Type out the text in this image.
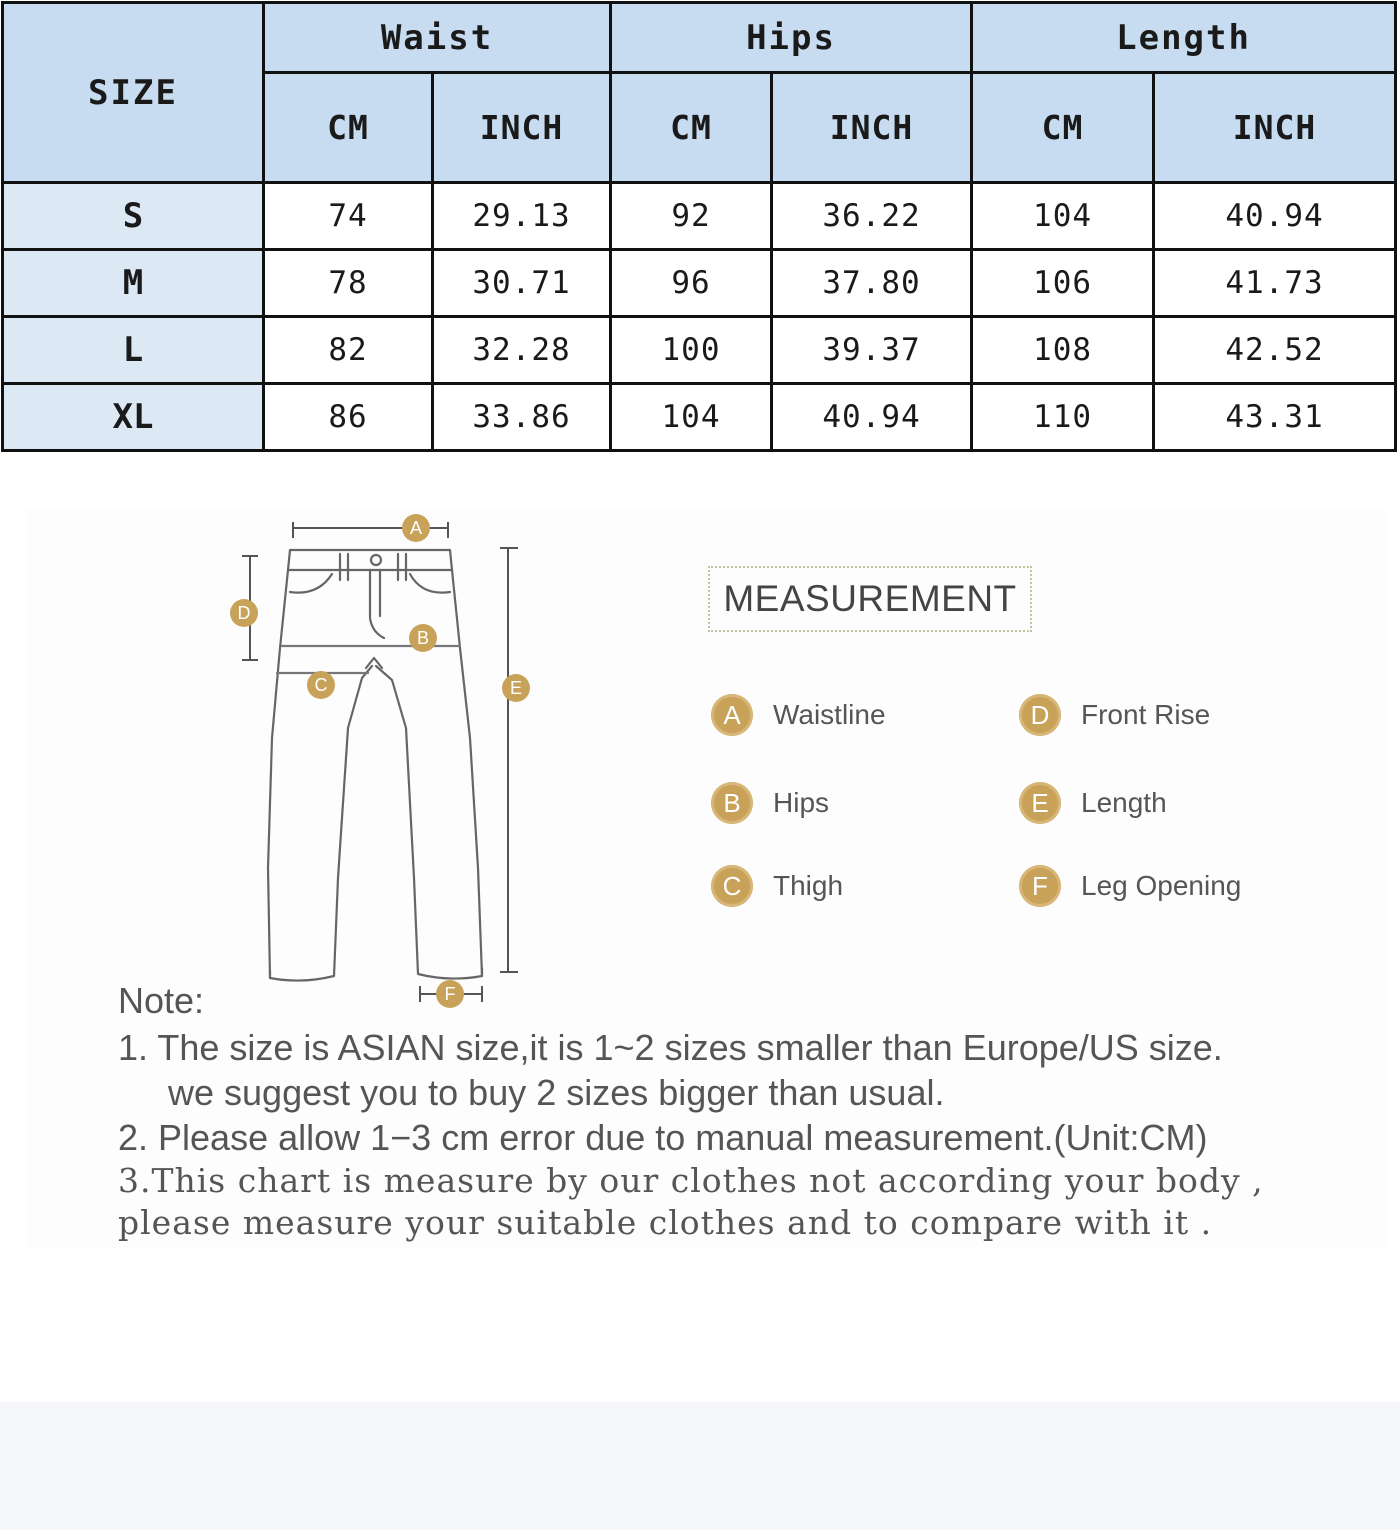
SIZE	Waist		Hips		Length	
	CM	INCH	CM	INCH	CM	INCH
S	74	29.13	92	36.22	104	40.94
M	78	30.71	96	37.80	106	41.73
L	82	32.28	100	39.37	108	42.52
XL	86	33.86	104	40.94	110	43.31
A
B
C
D
E
F
MEASUREMENT
A	Waistline
B	Hips
C	Thigh
D	Front Rise
E	Length
F	Leg Opening
Note:
1. The size is ASIAN size,it is 1~2 sizes smaller than Europe/US size.
we suggest you to buy 2 sizes bigger than usual.
2. Please allow 1−3 cm error due to manual measurement.(Unit:CM)
3.This chart is measure by our clothes not according your body ,
please measure your suitable clothes and to compare with it .
